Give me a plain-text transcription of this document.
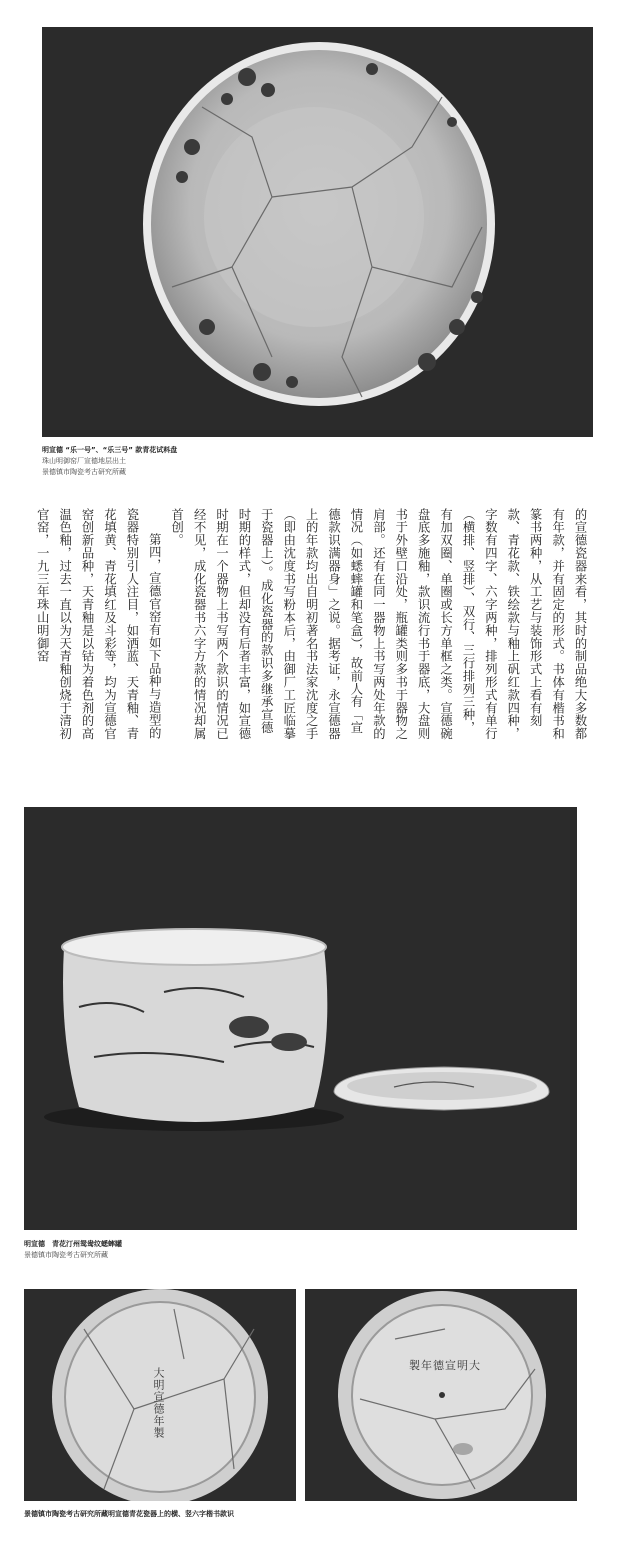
明宣德 “乐一号”、“乐三号” 款青花试料盘
珠山明御窑厂宣德地层出土
景德镇市陶瓷考古研究所藏

的宣德瓷器来看，其时的制品绝大多数都有年款，并有固定的形式。书体有楷书和篆书两种，从工艺与装饰形式上看有刻款、青花款、铁绘款与釉上矾红款四种，字数有四字、六字两种，排列形式有单行（横排、竖排）、双行、三行排列三种，有加双圈、单圈或长方单框之类。宣德碗盘底多施釉，款识流行书于器底，大盘则书于外壁口沿处，瓶罐类则多书于器物之肩部。还有在同一器物上书写两处年款的情况（如蟋蟀罐和笔盒），故前人有「宣德款识满器身」之说。据考证，永宣德器上的年款均出自明初著名书法家沈度之手（即由沈度书写粉本后，由御厂工匠临摹于瓷器上）。成化瓷器的款识多继承宣德时期的样式，但却没有后者丰富，如宣德时期在一个器物上书写两个款识的情况已经不见，成化瓷器书六字方款的情况却属首创。

第四，宣德官窑有如下品种与造型的瓷器特别引人注目，如洒蓝、天青釉、青花填黄、青花填红及斗彩等，均为宣德官窑创新品种，天青釉是以钴为着色剂的高温色釉，过去一直以为天青釉创烧于清初官窑，一九三年珠山明御窑

明宣德　青花汀州鸳鸯纹蟋蟀罐
景德镇市陶瓷考古研究所藏
大明宣德年製
大明宣德年製
景德镇市陶瓷考古研究所藏明宣德青花瓷器上的横、竖六字楷书款识
